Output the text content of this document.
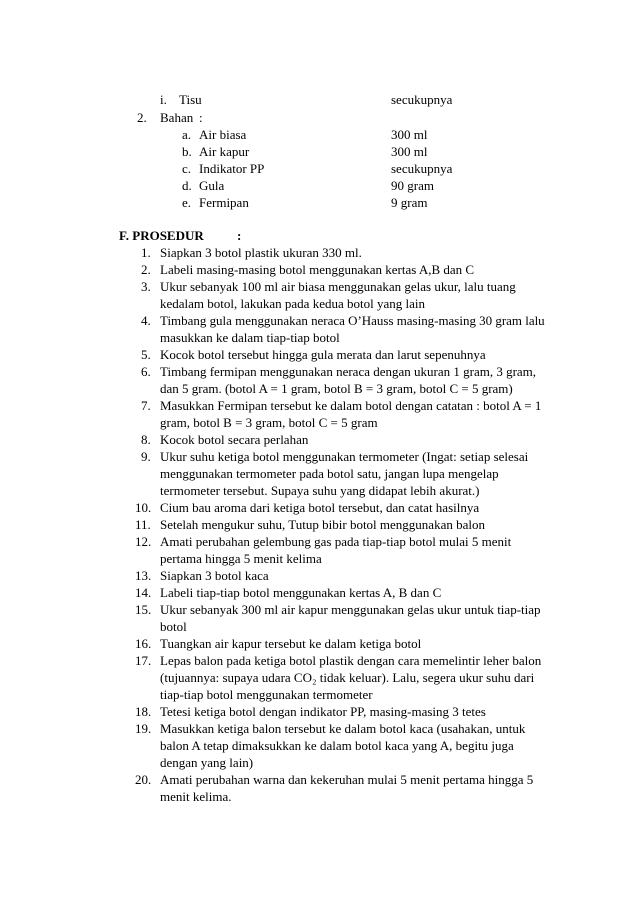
i. Tisu	secukupnya
2. Bahan :
a. Air biasa	300 ml
b. Air kapur	300 ml
c. Indikator PP	secukupnya
d. Gula	90 gram
e. Fermipan	9 gram
F. PROSEDUR	:
1. Siapkan 3 botol plastik ukuran 330 ml.
2. Labeli masing-masing botol menggunakan kertas A,B dan C
3. Ukur sebanyak 100 ml air biasa menggunakan gelas ukur, lalu tuang
kedalam botol, lakukan pada kedua botol yang lain
4. Timbang gula menggunakan neraca O’Hauss masing-masing 30 gram lalu
masukkan ke dalam tiap-tiap botol
5. Kocok botol tersebut hingga gula merata dan larut sepenuhnya
6. Timbang fermipan menggunakan neraca dengan ukuran 1 gram, 3 gram,
dan 5 gram. (botol A = 1 gram, botol B = 3 gram, botol C = 5 gram)
7. Masukkan Fermipan tersebut ke dalam botol dengan catatan : botol A = 1
gram, botol B = 3 gram, botol C = 5 gram
8. Kocok botol secara perlahan
9. Ukur suhu ketiga botol menggunakan termometer (Ingat: setiap selesai
menggunakan termometer pada botol satu, jangan lupa mengelap
termometer tersebut. Supaya suhu yang didapat lebih akurat.)
10. Cium bau aroma dari ketiga botol tersebut, dan catat hasilnya
11. Setelah mengukur suhu, Tutup bibir botol menggunakan balon
12. Amati perubahan gelembung gas pada tiap-tiap botol mulai 5 menit
pertama hingga 5 menit kelima
13. Siapkan 3 botol kaca
14. Labeli tiap-tiap botol menggunakan kertas A, B dan C
15. Ukur sebanyak 300 ml air kapur menggunakan gelas ukur untuk tiap-tiap
botol
16. Tuangkan air kapur tersebut ke dalam ketiga botol
17. Lepas balon pada ketiga botol plastik dengan cara memelintir leher balon
(tujuannya: supaya udara CO₂ tidak keluar). Lalu, segera ukur suhu dari
tiap-tiap botol menggunakan termometer
18. Tetesi ketiga botol dengan indikator PP, masing-masing 3 tetes
19. Masukkan ketiga balon tersebut ke dalam botol kaca (usahakan, untuk
balon A tetap dimaksukkan ke dalam botol kaca yang A, begitu juga
dengan yang lain)
20. Amati perubahan warna dan kekeruhan mulai 5 menit pertama hingga 5
menit kelima.
